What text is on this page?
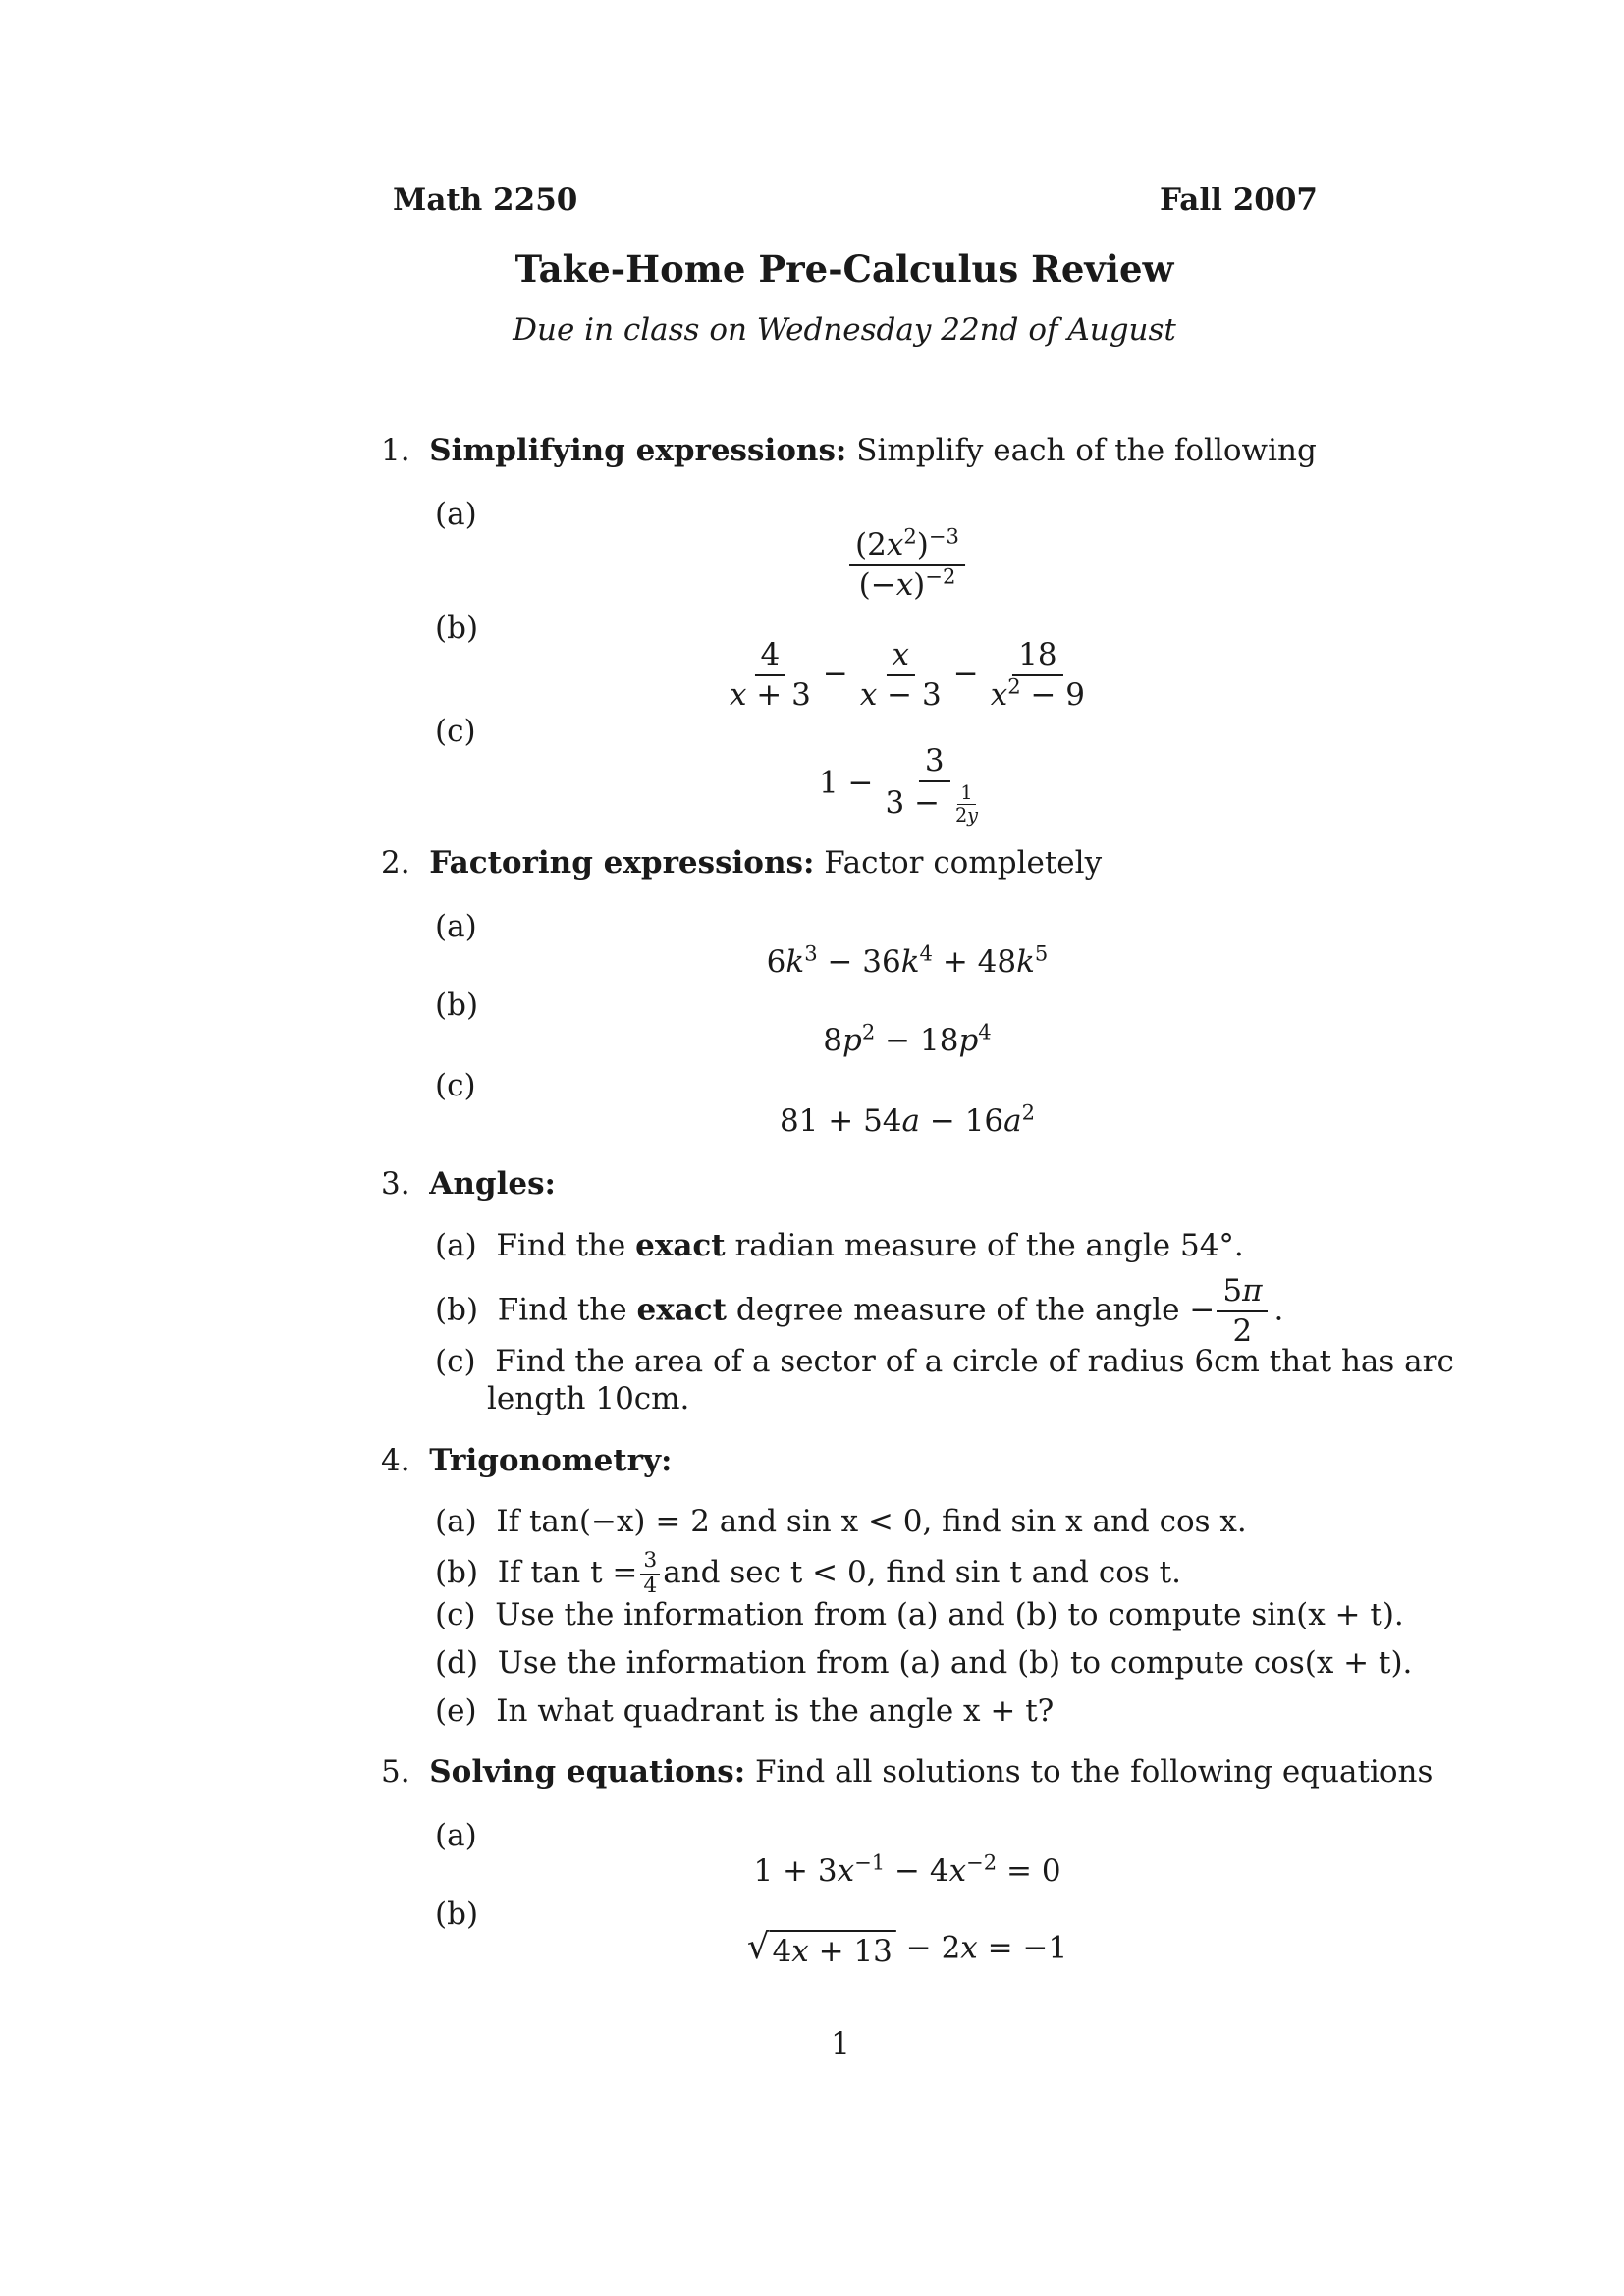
Math 2250	Fall 2007
Take-Home Pre-Calculus Review
Due in class on Wednesday 22nd of August
1. Simplifying expressions: Simplify each of the following
(a)
$\frac{(2x^2)^{-3}}{(-x)^{-2}}$
(b)
$\frac{4}{x + 3} - \frac{x}{x - 3} - \frac{18}{x^2 - 9}$
(c)
$1 - \frac{3}{3 - \frac{1}{2y}}$
2. Factoring expressions: Factor completely
(a)
$6k^3 - 36k^4 + 48k^5$
(b)
$8p^2 - 18p^4$
(c)
$81 + 54a - 16a^2$
3. Angles:
(a) Find the exact radian measure of the angle 54°.
(b) Find the exact degree measure of the angle − $\frac{5\pi}{2}$ .
(c) Find the area of a sector of a circle of radius 6cm that has arc
length 10cm.
4. Trigonometry:
(a) If tan(−x) = 2 and sin x < 0, find sin x and cos x.
(b) If $\tan t = \frac{3}{4}$ and sec t < 0, find sin t and cos t.
(c) Use the information from (a) and (b) to compute sin(x + t).
(d) Use the information from (a) and (b) to compute cos(x + t).
(e) In what quadrant is the angle x + t?
5. Solving equations: Find all solutions to the following equations
(a)
$1 + 3x^{-1} - 4x^{-2} = 0$
(b)
√ 4x + 13 − 2x = −1
1
